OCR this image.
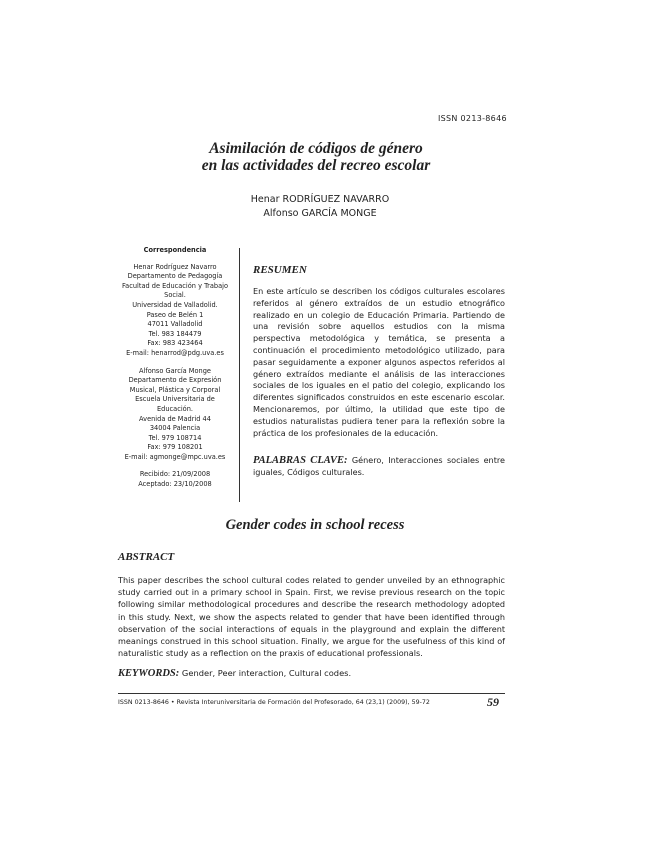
ISSN 0213-8646
Asimilación de códigos de género
en las actividades del recreo escolar
Henar RODRÍGUEZ NAVARRO
Alfonso GARCÍA MONGE
Correspondencia
Henar Rodríguez Navarro
Departamento de Pedagogía
Facultad de Educación y Trabajo
Social.
Universidad de Valladolid.
Paseo de Belén 1
47011 Valladolid
Tel. 983 184479
Fax: 983 423464
E-mail: henarrod@pdg.uva.es
Alfonso García Monge
Departamento de Expresión
Musical, Plástica y Corporal
Escuela Universitaria de
Educación.
Avenida de Madrid 44
34004 Palencia
Tel. 979 108714
Fax: 979 108201
E-mail: agmonge@mpc.uva.es
Recibido: 21/09/2008
Aceptado: 23/10/2008
RESUMEN
En este artículo se describen los códigos culturales escolares referidos al género extraídos de un estudio etnográfico realizado en un colegio de Educación Primaria. Partiendo de una revisión sobre aquellos estudios con la misma perspectiva metodológica y temática, se presenta a continuación el procedimiento metodológico utilizado, para pasar seguidamente a exponer algunos aspectos referidos al género extraídos mediante el análisis de las interacciones sociales de los iguales en el patio del colegio, explicando los diferentes significados construidos en este escenario escolar. Mencionaremos, por último, la utilidad que este tipo de estudios naturalistas pudiera tener para la reflexión sobre la práctica de los profesionales de la educación.
PALABRAS CLAVE: Género, Interacciones sociales entre iguales, Códigos culturales.
Gender codes in school recess
ABSTRACT
This paper describes the school cultural codes related to gender unveiled by an ethnographic study carried out in a primary school in Spain. First, we revise previous research on the topic following similar methodological procedures and describe the research methodology adopted in this study. Next, we show the aspects related to gender that have been identified through observation of the social interactions of equals in the playground and explain the different meanings construed in this school situation. Finally, we argue for the usefulness of this kind of naturalistic study as a reflection on the praxis of educational professionals.
KEYWORDS: Gender, Peer interaction, Cultural codes.
ISSN 0213-8646 • Revista Interuniversitaria de Formación del Profesorado, 64 (23,1) (2009), 59-72	59
